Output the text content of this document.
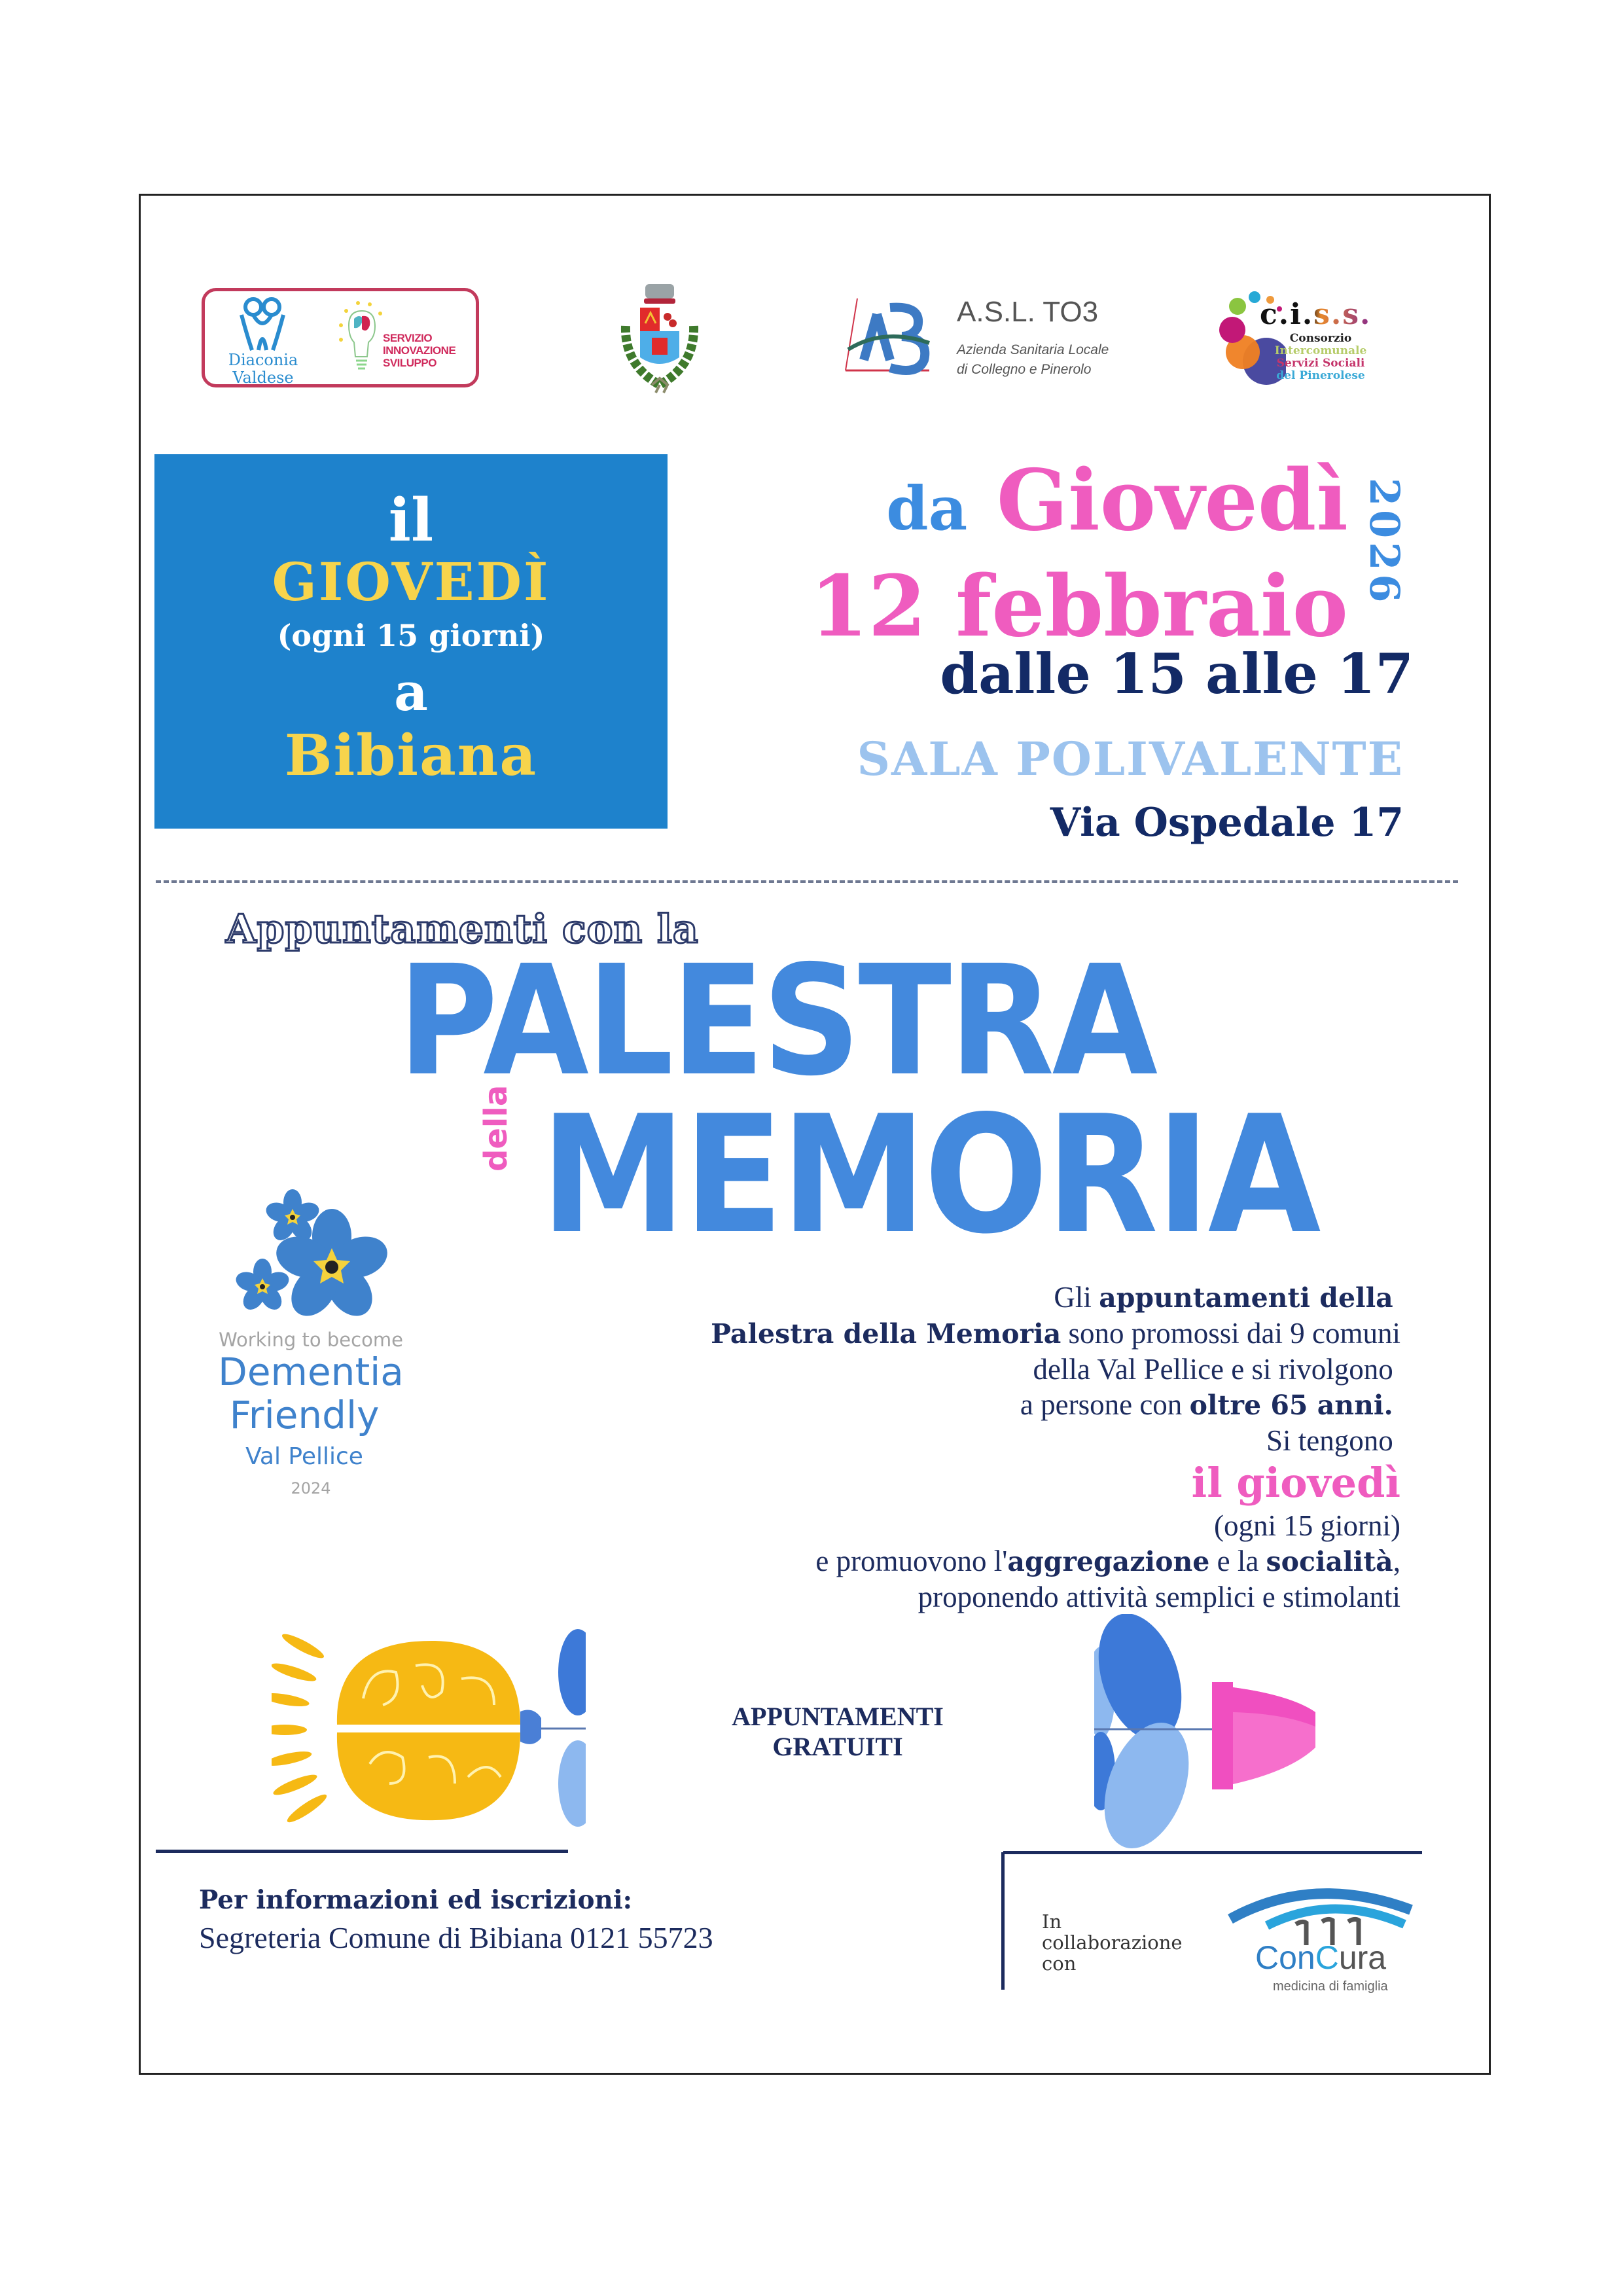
Diaconia
Valdese
SERVIZIO
INNOVAZIONE
SVILUPPO
A.S.L. TO3
Azienda Sanitaria Locale
di Collegno e Pinerolo
c.i.s.s.
Consorzio
Intercomunale
Servizi Sociali
del Pinerolese
il
GIOVEDÌ
(ogni 15 giorni)
a
Bibiana
da Giovedì
12 febbraio
2026
dalle 15 alle 17
SALA POLIVALENTE
Via Ospedale 17
Appuntamenti con la
PALESTRA
della MEMORIA
Working to become
Dementia
Friendly
Val Pellice
2024
Gli appuntamenti della
Palestra della Memoria sono promossi dai 9 comuni
della Val Pellice e si rivolgono
a persone con oltre 65 anni.
Si tengono
il giovedì
(ogni 15 giorni)
e promuovono l'aggregazione e la socialità,
proponendo attività semplici e stimolanti
APPUNTAMENTI
GRATUITI
Per informazioni ed iscrizioni:
Segreteria Comune di Bibiana 0121 55723	In
collaborazione
con	ConCura
medicina di famiglia
